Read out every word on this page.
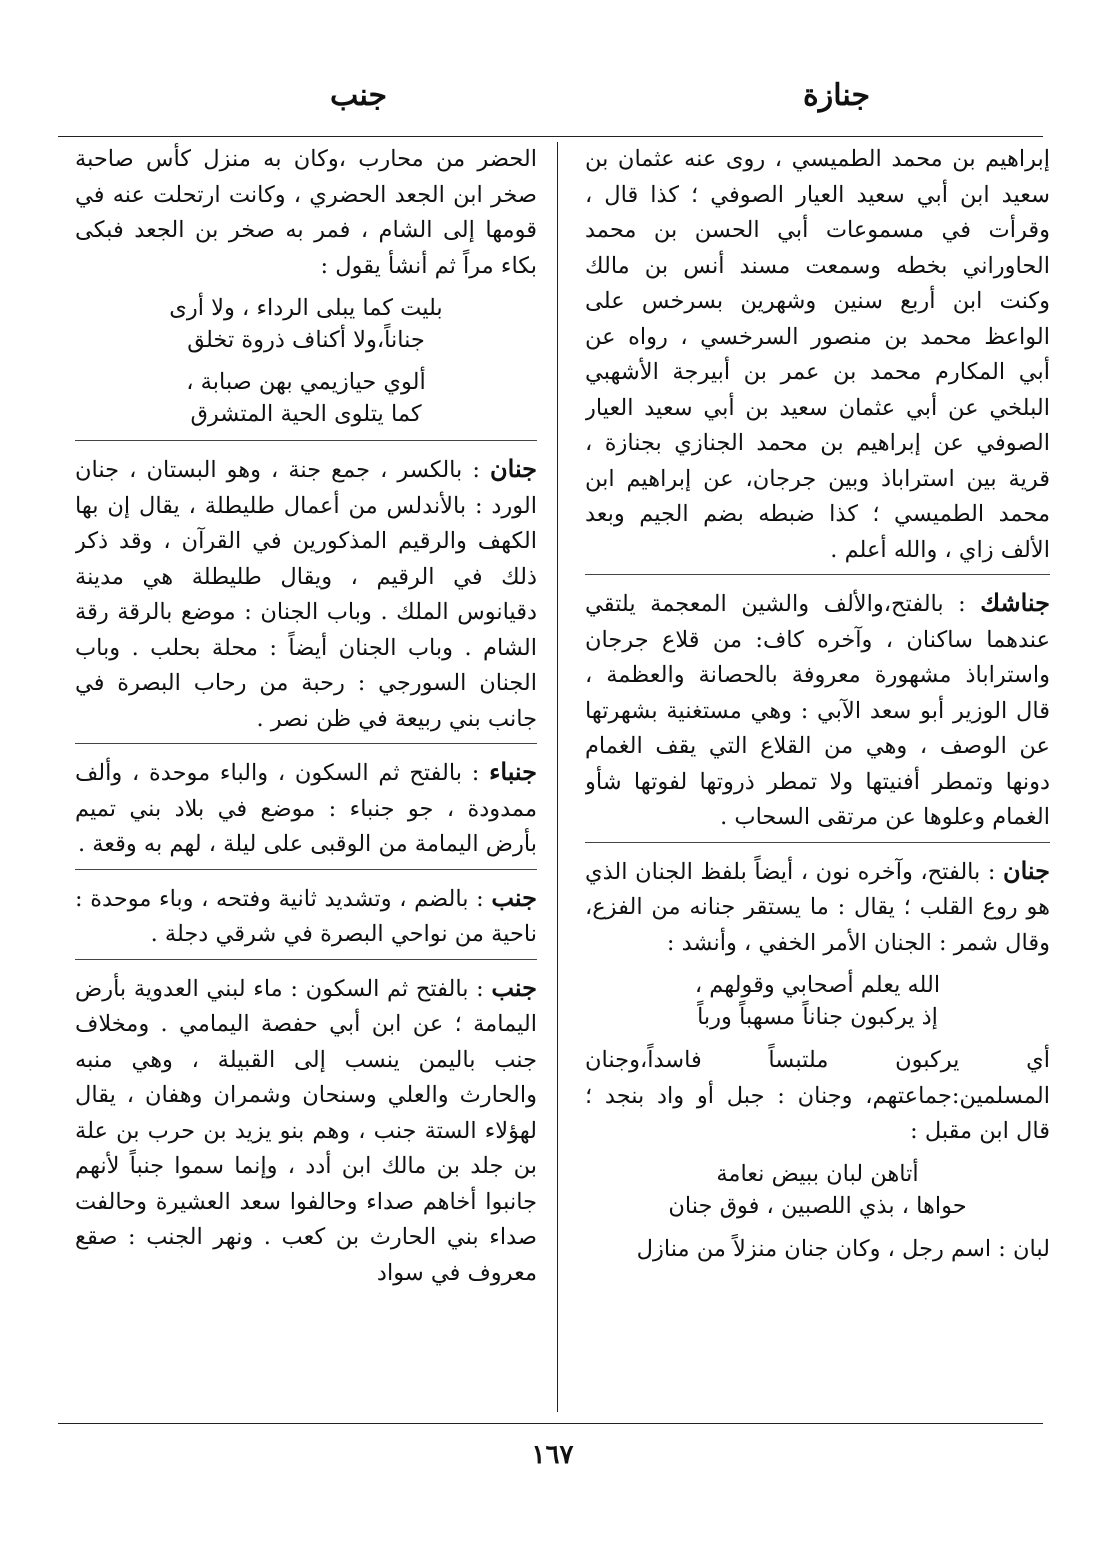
جنازة
جنب

إبراهيم بن محمد الطميسي ، روى عنه عثمان بن سعيد ابن أبي سعيد العيار الصوفي ؛ كذا قال ، وقرأت في مسموعات أبي الحسن بن محمد الحاوراني بخطه وسمعت مسند أنس بن مالك وكنت ابن أربع سنين وشهرين بسرخس على الواعظ محمد بن منصور السرخسي ، رواه عن أبي المكارم محمد بن عمر بن أبيرجة الأشهبي البلخي عن أبي عثمان سعيد بن أبي سعيد العيار الصوفي عن إبراهيم بن محمد الجنازي بجنازة ، قرية بين استراباذ وبين جرجان، عن إبراهيم ابن محمد الطميسي ؛ كذا ضبطه بضم الجيم وبعد الألف زاي ، والله أعلم .

جناشك : بالفتح،والألف والشين المعجمة يلتقي عندهما ساكنان ، وآخره كاف: من قلاع جرجان واستراباذ مشهورة معروفة بالحصانة والعظمة ، قال الوزير أبو سعد الآبي : وهي مستغنية بشهرتها عن الوصف ، وهي من القلاع التي يقف الغمام دونها وتمطر أفنيتها ولا تمطر ذروتها لفوتها شأو الغمام وعلوها عن مرتقى السحاب .

جنان : بالفتح، وآخره نون ، أيضاً بلفظ الجنان الذي هو روع القلب ؛ يقال : ما يستقر جنانه من الفزع، وقال شمر : الجنان الأمر الخفي ، وأنشد :

الله يعلم أصحابي وقولهم ،
إذ يركبون جناناً مسهباً ورباً

أي يركبون ملتبساً فاسداً،وجنان المسلمين:جماعتهم، وجنان : جبل أو واد بنجد ؛ قال ابن مقبل :

أتاهن لبان ببيض نعامة
حواها ، بذي اللصبين ، فوق جنان

لبان : اسم رجل ، وكان جنان منزلاً من منازل

الحضر من محارب ،وكان به منزل كأس صاحبة صخر ابن الجعد الحضري ، وكانت ارتحلت عنه في قومها إلى الشام ، فمر به صخر بن الجعد فبكى بكاء مراً ثم أنشأ يقول :

بليت كما يبلى الرداء ، ولا أرى
جناناً،ولا أكناف ذروة تخلق
ألوي حيازيمي بهن صبابة ،
كما يتلوى الحية المتشرق

جنان : بالكسر ، جمع جنة ، وهو البستان ، جنان الورد : بالأندلس من أعمال طليطلة ، يقال إن بها الكهف والرقيم المذكورين في القرآن ، وقد ذكر ذلك في الرقيم ، ويقال طليطلة هي مدينة دقيانوس الملك . وباب الجنان : موضع بالرقة رقة الشام . وباب الجنان أيضاً : محلة بحلب . وباب الجنان السورجي : رحبة من رحاب البصرة في جانب بني ربيعة في ظن نصر .

جنباء : بالفتح ثم السكون ، والباء موحدة ، وألف ممدودة ، جو جنباء : موضع في بلاد بني تميم بأرض اليمامة من الوقبى على ليلة ، لهم به وقعة .

جنب : بالضم ، وتشديد ثانية وفتحه ، وباء موحدة : ناحية من نواحي البصرة في شرقي دجلة .

جنب : بالفتح ثم السكون : ماء لبني العدوية بأرض اليمامة ؛ عن ابن أبي حفصة اليمامي . ومخلاف جنب باليمن ينسب إلى القبيلة ، وهي منبه والحارث والعلي وسنحان وشمران وهفان ، يقال لهؤلاء الستة جنب ، وهم بنو يزيد بن حرب بن علة بن جلد بن مالك ابن أدد ، وإنما سموا جنباً لأنهم جانبوا أخاهم صداء وحالفوا سعد العشيرة وحالفت صداء بني الحارث بن كعب . ونهر الجنب : صقع معروف في سواد

١٦٧
